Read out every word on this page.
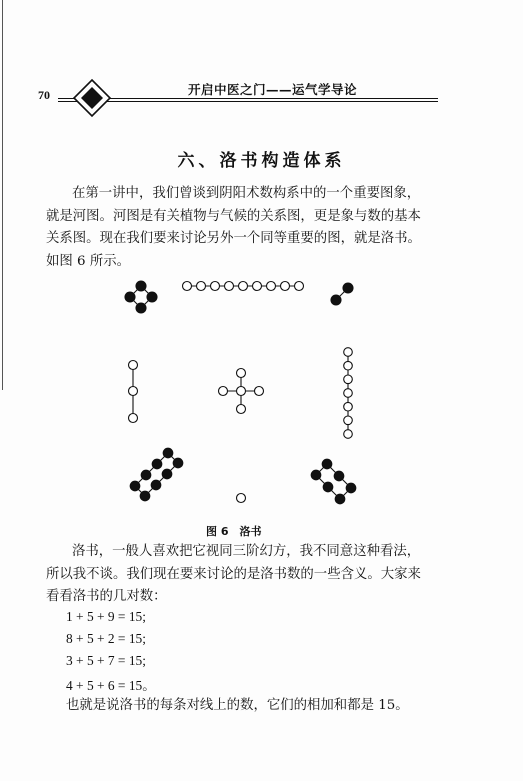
70	开启中医之门——运气学导论
六、洛书构造体系
在第一讲中，我们曾谈到阴阳术数构系中的一个重要图象，
就是河图。河图是有关植物与气候的关系图，更是象与数的基本
关系图。现在我们要来讨论另外一个同等重要的图，就是洛书。
如图 6 所示。
图 6　洛书
洛书，一般人喜欢把它视同三阶幻方，我不同意这种看法，
所以我不谈。我们现在要来讨论的是洛书数的一些含义。大家来
看看洛书的几对数：
1 + 5 + 9 = 15;
8 + 5 + 2 = 15;
3 + 5 + 7 = 15;
4 + 5 + 6 = 15。
也就是说洛书的每条对线上的数，它们的相加和都是 15。
